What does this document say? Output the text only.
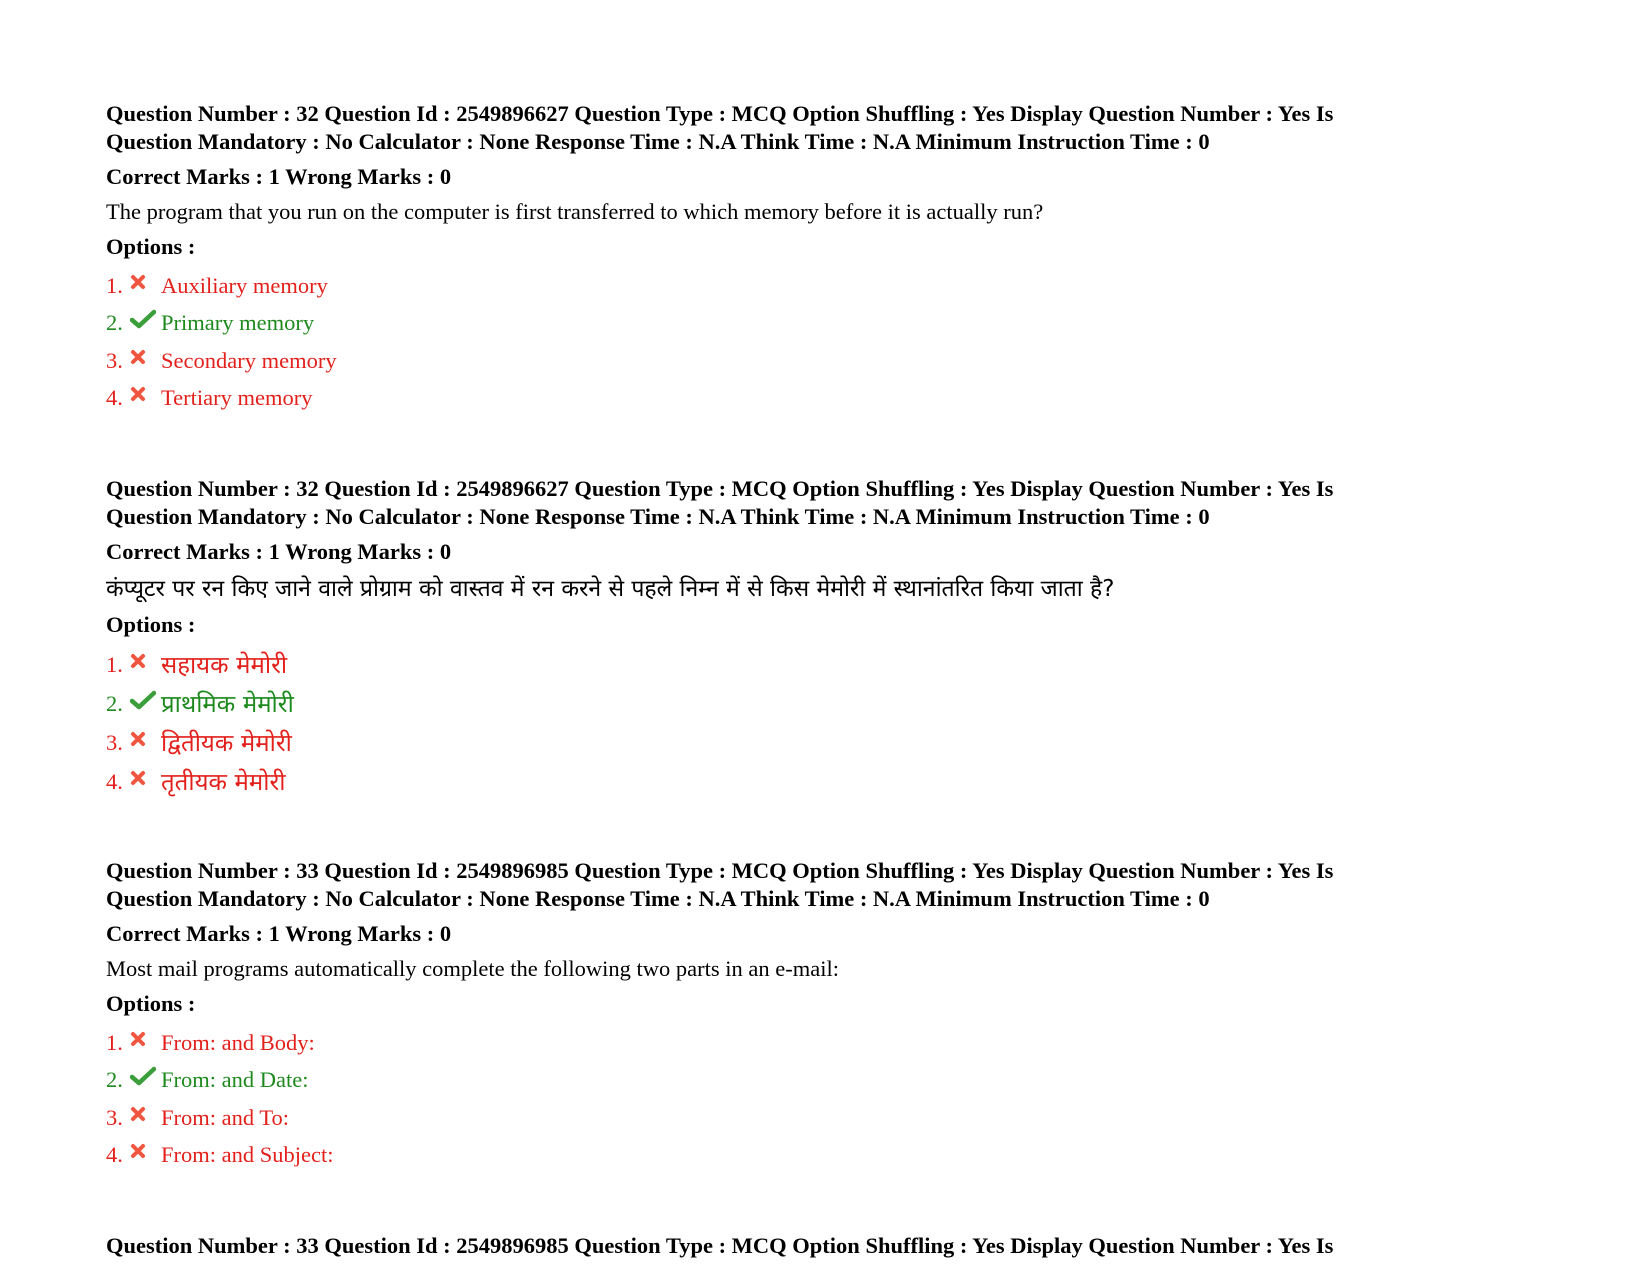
Question Number : 32 Question Id : 2549896627 Question Type : MCQ Option Shuffling : Yes Display Question Number : Yes Is
Question Mandatory : No Calculator : None Response Time : N.A Think Time : N.A Minimum Instruction Time : 0
Correct Marks : 1 Wrong Marks : 0
The program that you run on the computer is first transferred to which memory before it is actually run?
Options :
1.	Auxiliary memory
2.	Primary memory
3.	Secondary memory
4.	Tertiary memory
Question Number : 32 Question Id : 2549896627 Question Type : MCQ Option Shuffling : Yes Display Question Number : Yes Is
Question Mandatory : No Calculator : None Response Time : N.A Think Time : N.A Minimum Instruction Time : 0
Correct Marks : 1 Wrong Marks : 0
कंप्यूटर पर रन किए जाने वाले प्रोग्राम को वास्तव में रन करने से पहले निम्न में से किस मेमोरी में स्थानांतरित किया जाता है?
Options :
1. सहायक मेमोरी
2. प्राथमिक मेमोरी
3. द्वितीयक मेमोरी
4. तृतीयक मेमोरी
Question Number : 33 Question Id : 2549896985 Question Type : MCQ Option Shuffling : Yes Display Question Number : Yes Is
Question Mandatory : No Calculator : None Response Time : N.A Think Time : N.A Minimum Instruction Time : 0
Correct Marks : 1 Wrong Marks : 0
Most mail programs automatically complete the following two parts in an e-mail:
Options :
1.	From: and Body:
2.	From: and Date:
3.	From: and To:
4.	From: and Subject:
Question Number : 33 Question Id : 2549896985 Question Type : MCQ Option Shuffling : Yes Display Question Number : Yes Is
